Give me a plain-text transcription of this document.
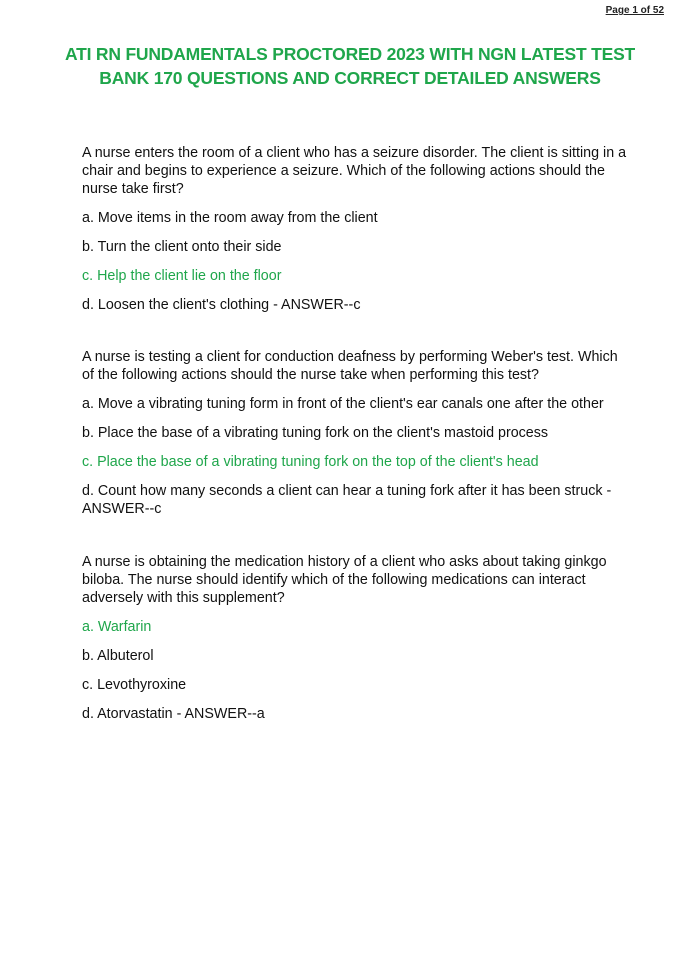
Page 1 of 52
ATI RN FUNDAMENTALS PROCTORED 2023 WITH NGN LATEST TEST BANK 170 QUESTIONS AND CORRECT DETAILED ANSWERS

A nurse enters the room of a client who has a seizure disorder. The client is sitting in a chair and begins to experience a seizure. Which of the following actions should the nurse take first?

a. Move items in the room away from the client

b. Turn the client onto their side

c. Help the client lie on the floor

d. Loosen the client's clothing - ANSWER--c

A nurse is testing a client for conduction deafness by performing Weber's test. Which of the following actions should the nurse take when performing this test?

a. Move a vibrating tuning form in front of the client's ear canals one after the other

b. Place the base of a vibrating tuning fork on the client's mastoid process

c. Place the base of a vibrating tuning fork on the top of the client's head

d. Count how many seconds a client can hear a tuning fork after it has been struck - ANSWER--c

A nurse is obtaining the medication history of a client who asks about taking ginkgo biloba. The nurse should identify which of the following medications can interact adversely with this supplement?

a. Warfarin

b. Albuterol

c. Levothyroxine

d. Atorvastatin - ANSWER--a
